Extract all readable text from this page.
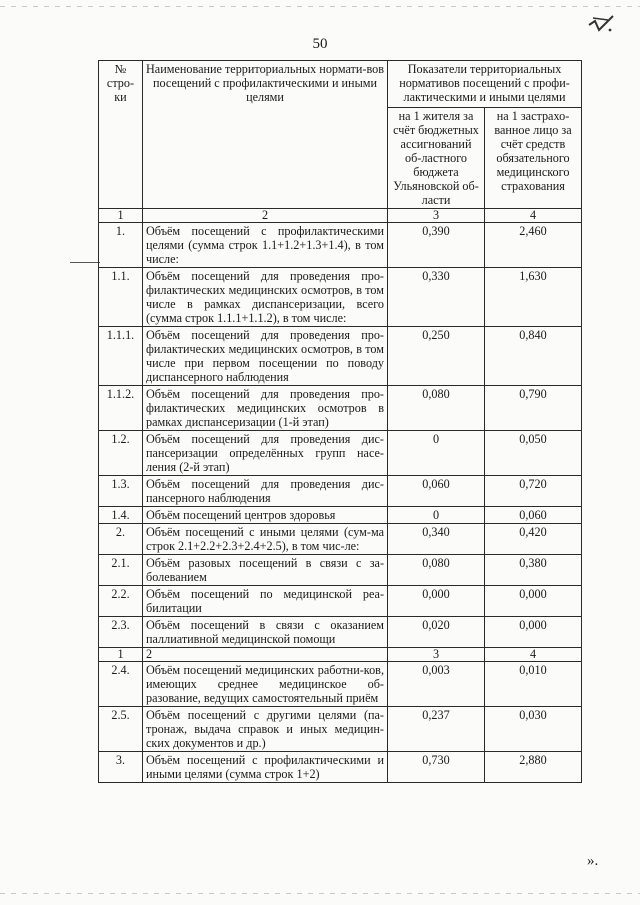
50
№ стро-ки	Наименование территориальных нормати-вов посещений с профилактическими и иными целями	Показатели территориальных нормативов посещений с профи-лактическими и иными целями	
		на 1 жителя за счёт бюджетных ассигнований об-ластного бюджета Ульяновской об-ласти	на 1 застрахо-ванное лицо за счёт средств обязательного медицинского страхования
1	2	3	4
1.	Объём посещений с профилактическими целями (сумма строк 1.1+1.2+1.3+1.4), в том числе:	0,390	2,460
1.1.	Объём посещений для проведения про-филактических медицинских осмотров, в том числе в рамках диспансеризации, всего (сумма строк 1.1.1+1.1.2), в том числе:	0,330	1,630
1.1.1.	Объём посещений для проведения про-филактических медицинских осмотров, в том числе при первом посещении по поводу диспансерного наблюдения	0,250	0,840
1.1.2.	Объём посещений для проведения про-филактических медицинских осмотров в рамках диспансеризации (1-й этап)	0,080	0,790
1.2.	Объём посещений для проведения дис-пансеризации определённых групп насе-ления (2-й этап)	0	0,050
1.3.	Объём посещений для проведения дис-пансерного наблюдения	0,060	0,720
1.4.	Объём посещений центров здоровья	0	0,060
2.	Объём посещений с иными целями (сум-ма строк 2.1+2.2+2.3+2.4+2.5), в том чис-ле:	0,340	0,420
2.1.	Объём разовых посещений в связи с за-болеванием	0,080	0,380
2.2.	Объём посещений по медицинской реа-билитации	0,000	0,000
2.3.	Объём посещений в связи с оказанием паллиативной медицинской помощи	0,020	0,000
1	2	3	4
2.4.	Объём посещений медицинских работни-ков, имеющих среднее медицинское об-разование, ведущих самостоятельный приём	0,003	0,010
2.5.	Объём посещений с другими целями (па-тронаж, выдача справок и иных медицин-ских документов и др.)	0,237	0,030
3.	Объём посещений с профилактическими и иными целями (сумма строк 1+2)	0,730	2,880
».
